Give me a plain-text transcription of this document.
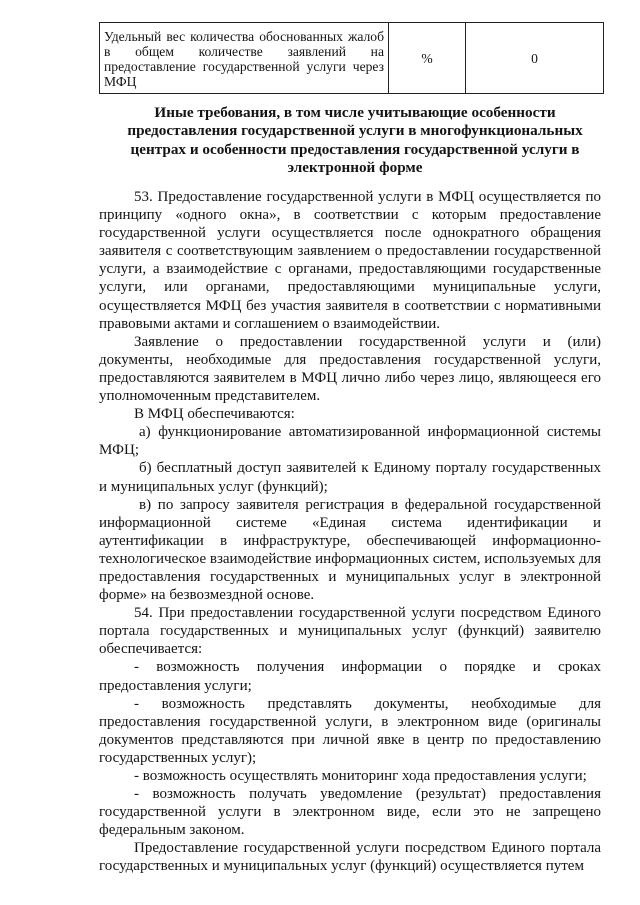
Удельный вес количества обоснованных жалоб в общем количестве заявлений на предоставление государственной услуги через МФЦ	%	0
Иные требования, в том числе учитывающие особенности предоставления государственной услуги в многофункциональных центрах и особенности предоставления государственной услуги в электронной форме

53. Предоставление государственной услуги в МФЦ осуществляется по принципу «одного окна», в соответствии с которым предоставление государственной услуги осуществляется после однократного обращения заявителя с соответствующим заявлением о предоставлении государственной услуги, а взаимодействие с органами, предоставляющими государственные услуги, или органами, предоставляющими муниципальные услуги, осуществляется МФЦ без участия заявителя в соответствии с нормативными правовыми актами и соглашением о взаимодействии.

Заявление о предоставлении государственной услуги и (или) документы, необходимые для предоставления государственной услуги, предоставляются заявителем в МФЦ лично либо через лицо, являющееся его уполномоченным представителем.

В МФЦ обеспечиваются:

а) функционирование автоматизированной информационной системы МФЦ;

б) бесплатный доступ заявителей к Единому порталу государственных и муниципальных услуг (функций);

в) по запросу заявителя регистрация в федеральной государственной информационной системе «Единая система идентификации и аутентификации в инфраструктуре, обеспечивающей информационно-технологическое взаимодействие информационных систем, используемых для предоставления государственных и муниципальных услуг в электронной форме» на безвозмездной основе.

54. При предоставлении государственной услуги посредством Единого портала государственных и муниципальных услуг (функций) заявителю обеспечивается:

- возможность получения информации о порядке и сроках предоставления услуги;

- возможность представлять документы, необходимые для предоставления государственной услуги, в электронном виде (оригиналы документов представляются при личной явке в центр по предоставлению государственных услуг);

- возможность осуществлять мониторинг хода предоставления услуги;

- возможность получать уведомление (результат) предоставления государственной услуги в электронном виде, если это не запрещено федеральным законом.

Предоставление государственной услуги посредством Единого портала государственных и муниципальных услуг (функций) осуществляется путем
